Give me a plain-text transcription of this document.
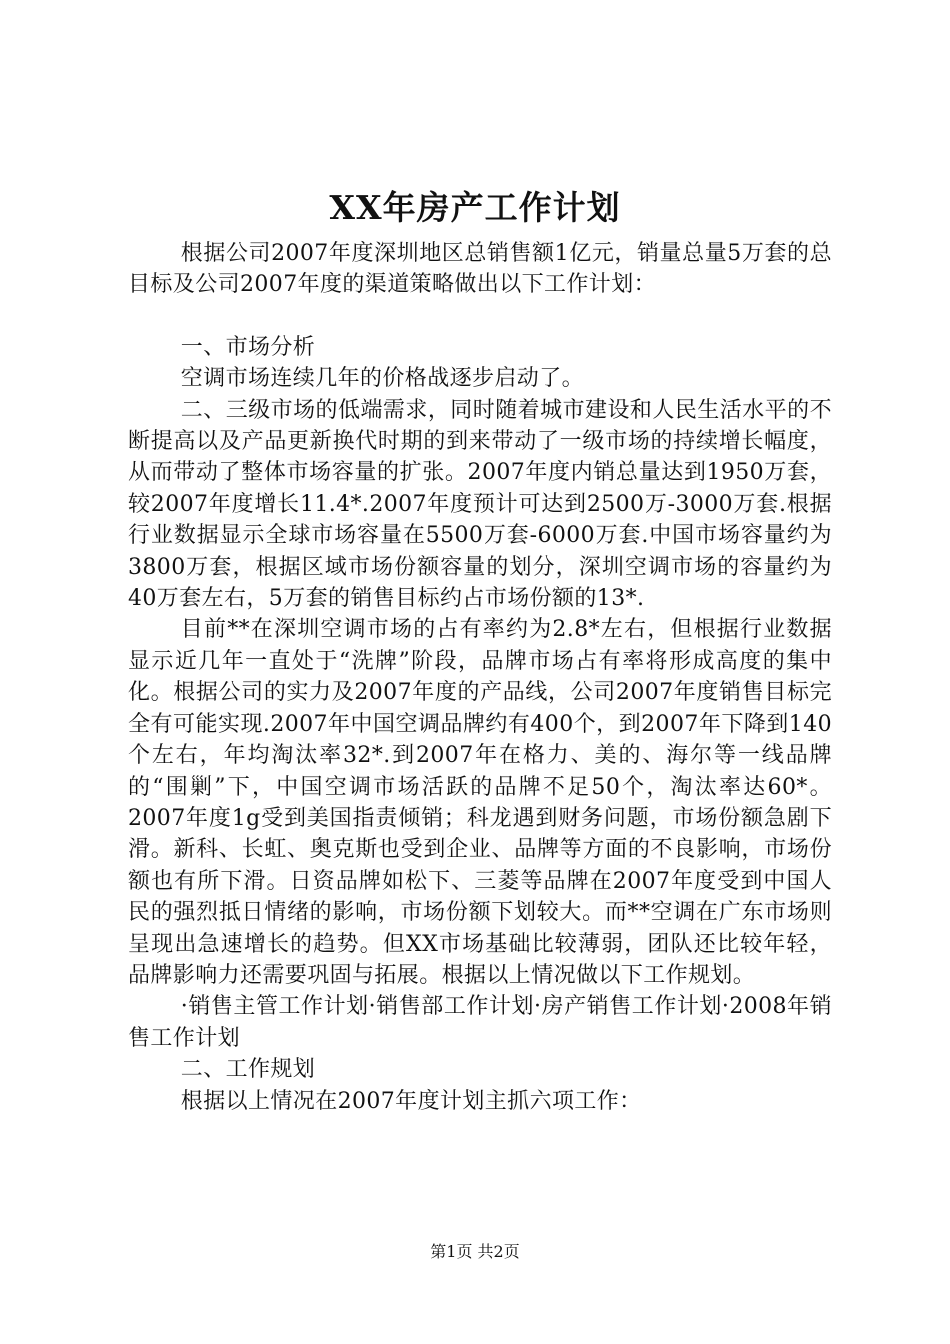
XX年房产工作计划

根据公司2007年度深圳地区总销售额1亿元，销量总量5万套的总目标及公司2007年度的渠道策略做出以下工作计划：

一、市场分析

空调市场连续几年的价格战逐步启动了。

二、三级市场的低端需求，同时随着城市建设和人民生活水平的不断提高以及产品更新换代时期的到来带动了一级市场的持续增长幅度，从而带动了整体市场容量的扩张。2007年度内销总量达到1950万套，较2007年度增长11.4*.2007年度预计可达到2500万-3000万套.根据行业数据显示全球市场容量在5500万套-6000万套.中国市场容量约为3800万套，根据区域市场份额容量的划分，深圳空调市场的容量约为40万套左右，5万套的销售目标约占市场份额的13*.

目前**在深圳空调市场的占有率约为2.8*左右，但根据行业数据显示近几年一直处于“洗牌”阶段，品牌市场占有率将形成高度的集中化。根据公司的实力及2007年度的产品线，公司2007年度销售目标完全有可能实现.2007年中国空调品牌约有400个，到2007年下降到140个左右，年均淘汰率32*.到2007年在格力、美的、海尔等一线品牌的“围剿”下，中国空调市场活跃的品牌不足50个，淘汰率达60*。2007年度1g受到美国指责倾销；科龙遇到财务问题，市场份额急剧下滑。新科、长虹、奥克斯也受到企业、品牌等方面的不良影响，市场份额也有所下滑。日资品牌如松下、三菱等品牌在2007年度受到中国人民的强烈抵日情绪的影响，市场份额下划较大。而**空调在广东市场则呈现出急速增长的趋势。但XX市场基础比较薄弱，团队还比较年轻，品牌影响力还需要巩固与拓展。根据以上情况做以下工作规划。

·销售主管工作计划·销售部工作计划·房产销售工作计划·2008年销售工作计划

二、工作规划

根据以上情况在2007年度计划主抓六项工作：

第1页 共2页
